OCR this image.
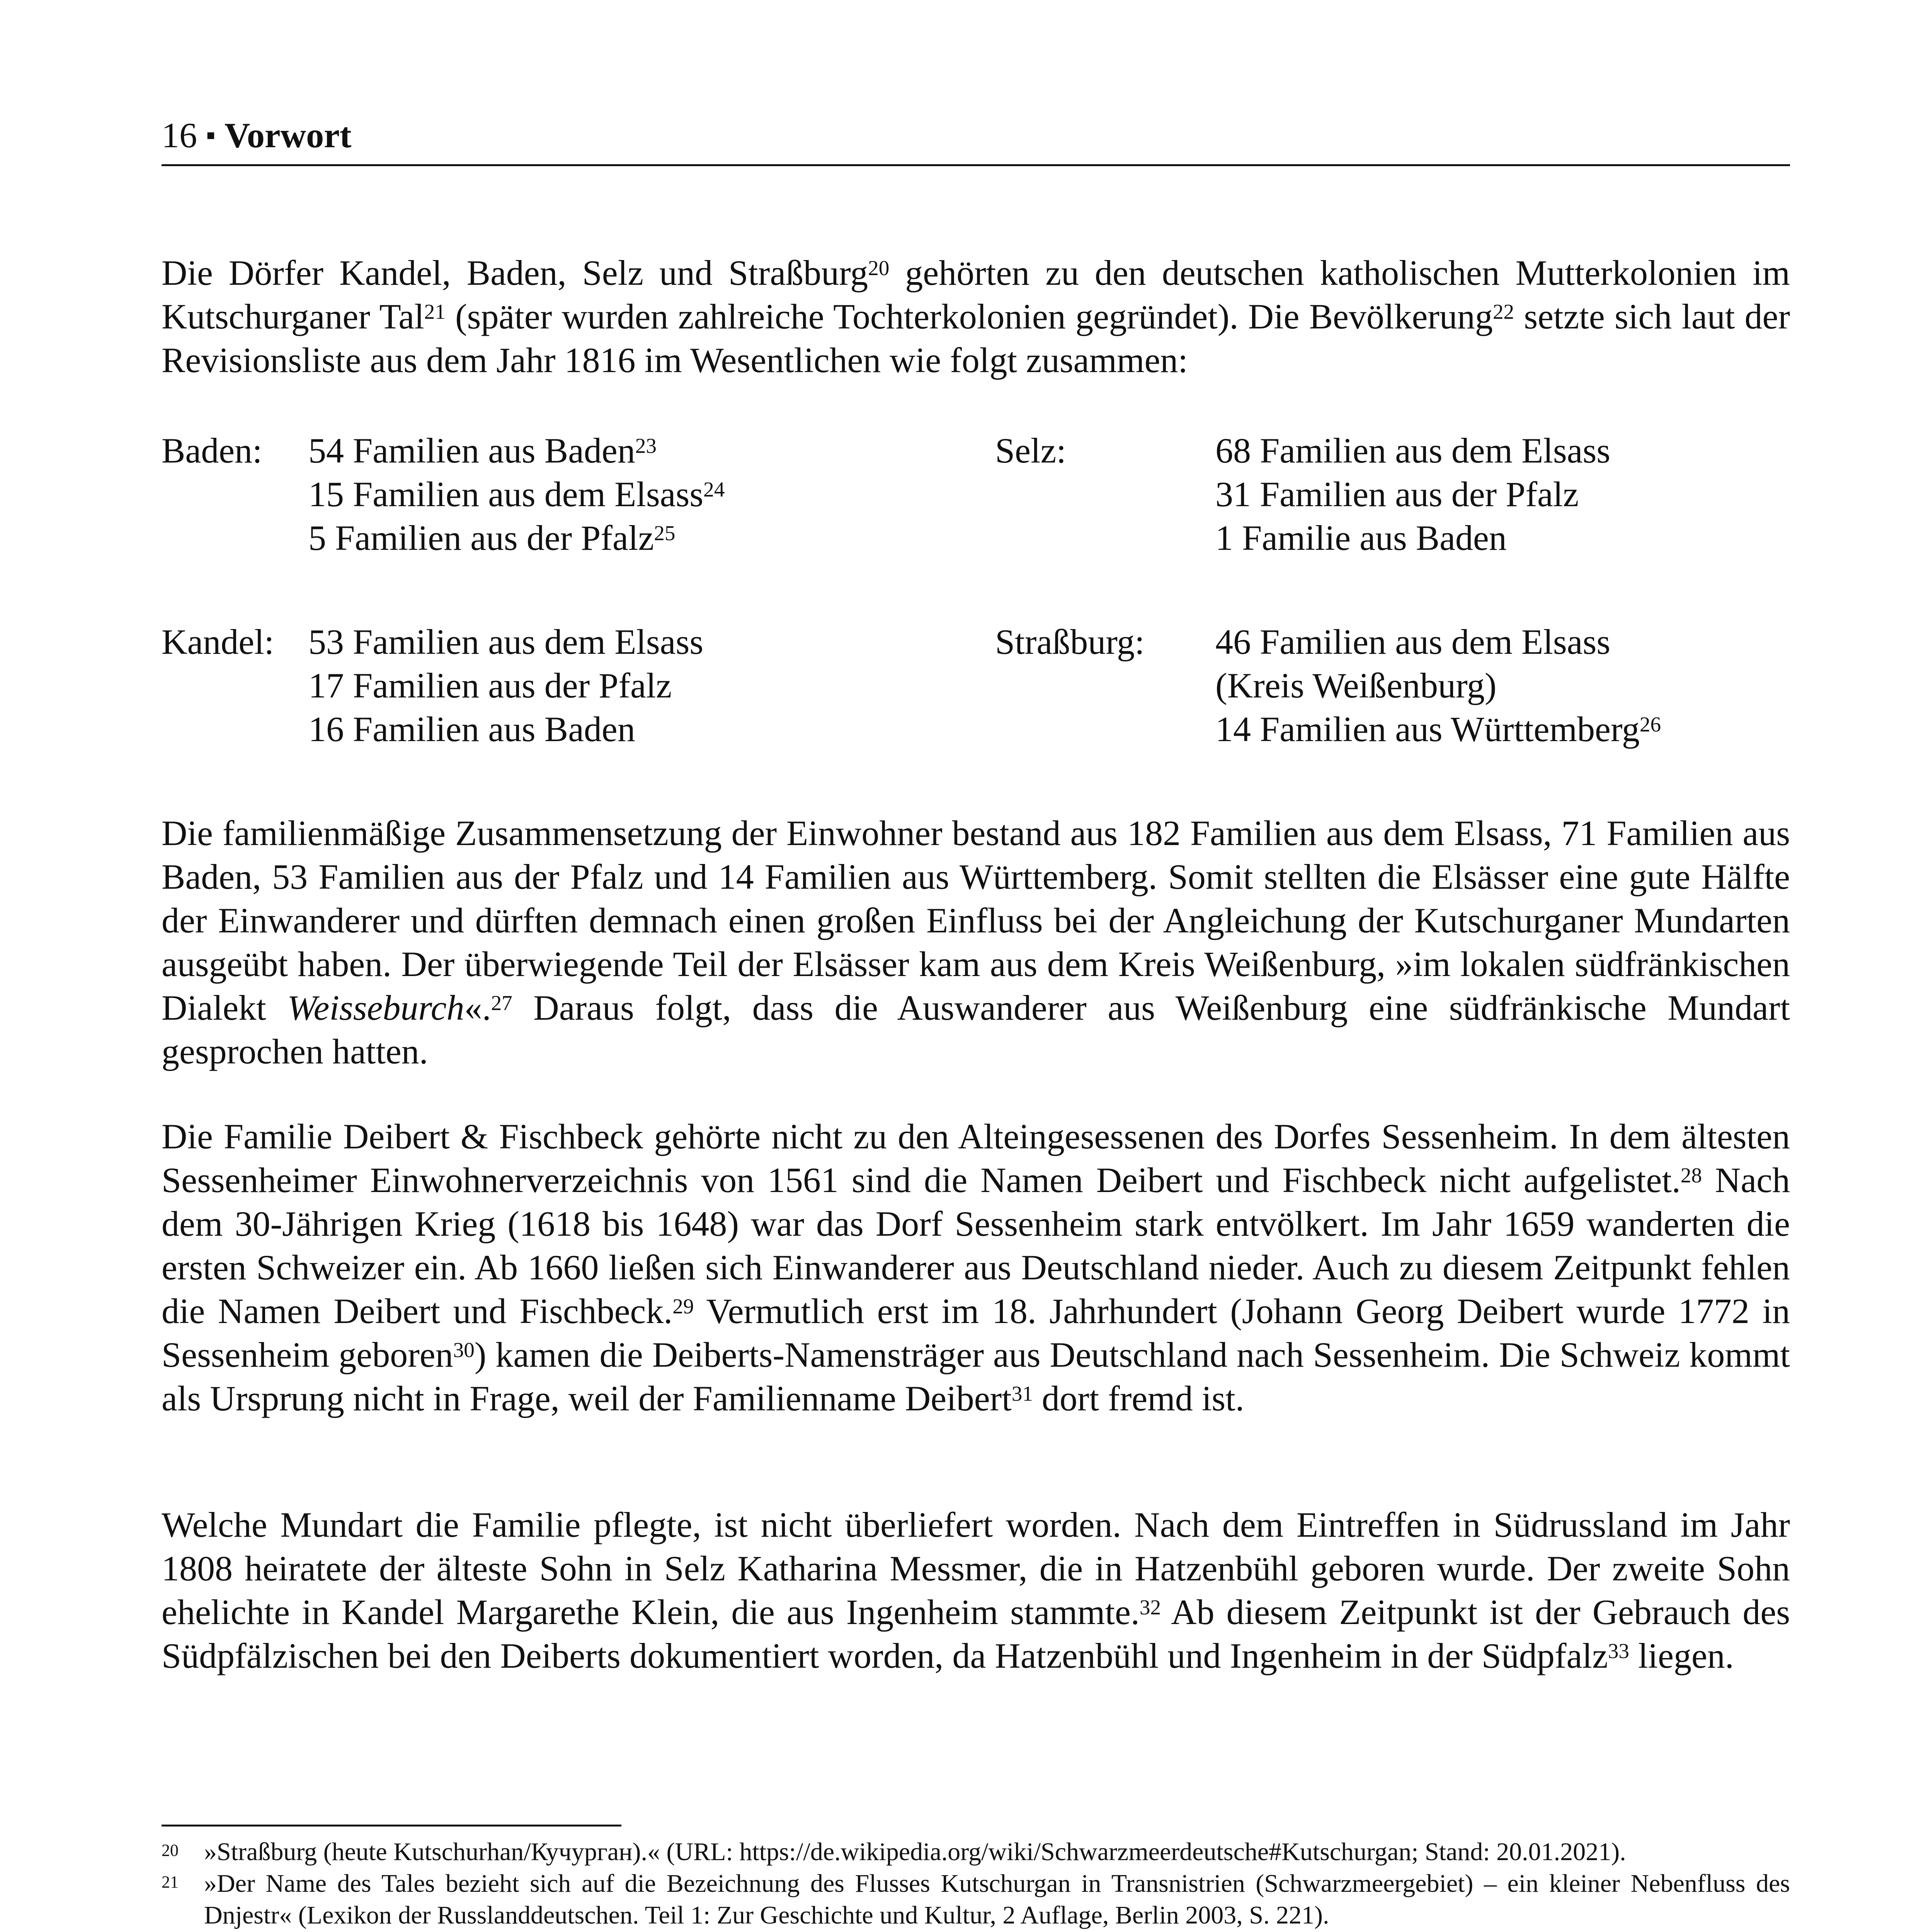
16 ▪ Vorwort

Die Dörfer Kandel, Baden, Selz und Straßburg$^{20}$ gehörten zu den deutschen katholischen Mutterkolonien im Kutschurganer Tal$^{21}$ (später wurden zahlreiche Tochterkolonien gegründet). Die Bevölkerung$^{22}$ setzte sich laut der Revisionsliste aus dem Jahr 1816 im Wesentlichen wie folgt zusammen:

Baden: 54 Familien aus Baden$^{23}$
15 Familien aus dem Elsass$^{24}$
5 Familien aus der Pfalz$^{25}$
Selz:	68 Familien aus dem Elsass
31 Familien aus der Pfalz
1 Familie aus Baden
Kandel: 53 Familien aus dem Elsass
17 Familien aus der Pfalz
16 Familien aus Baden
Straßburg: 46 Familien aus dem Elsass
(Kreis Weißenburg)
14 Familien aus Württemberg$^{26}$

Die familienmäßige Zusammensetzung der Einwohner bestand aus 182 Familien aus dem Elsass, 71 Familien aus Baden, 53 Familien aus der Pfalz und 14 Familien aus Württemberg. Somit stellten die Elsässer eine gute Hälfte der Einwanderer und dürften demnach einen großen Einfluss bei der Angleichung der Kutschurganer Mundarten ausgeübt haben. Der überwiegende Teil der Elsässer kam aus dem Kreis Weißenburg, »im lokalen südfränkischen Dialekt Weisseburch«.$^{27}$ Daraus folgt, dass die Auswanderer aus Weißenburg eine südfränkische Mundart gesprochen hatten.

Die Familie Deibert & Fischbeck gehörte nicht zu den Alteingesessenen des Dorfes Sessenheim. In dem ältesten Sessenheimer Einwohnerverzeichnis von 1561 sind die Namen Deibert und Fischbeck nicht aufgelistet.$^{28}$ Nach dem 30-Jährigen Krieg (1618 bis 1648) war das Dorf Sessenheim stark entvölkert. Im Jahr 1659 wanderten die ersten Schweizer ein. Ab 1660 ließen sich Einwanderer aus Deutschland nieder. Auch zu diesem Zeitpunkt fehlen die Namen Deibert und Fischbeck.$^{29}$ Vermutlich erst im 18. Jahrhundert (Johann Georg Deibert wurde 1772 in Sessenheim geboren$^{30}$) kamen die Deiberts-Namensträger aus Deutschland nach Sessenheim. Die Schweiz kommt als Ursprung nicht in Frage, weil der Familienname Deibert$^{31}$ dort fremd ist.

Welche Mundart die Familie pflegte, ist nicht überliefert worden. Nach dem Eintreffen in Südrussland im Jahr 1808 heiratete der älteste Sohn in Selz Katharina Messmer, die in Hatzenbühl geboren wurde. Der zweite Sohn ehelichte in Kandel Margarethe Klein, die aus Ingenheim stammte.$^{32}$ Ab diesem Zeitpunkt ist der Gebrauch des Südpfälzischen bei den Deiberts dokumentiert worden, da Hatzenbühl und Ingenheim in der Südpfalz$^{33}$ liegen.

20 »Straßburg (heute Kutschurhan/Кучурган).« (URL: https://de.wikipedia.org/wiki/Schwarzmeerdeutsche#Kutschurgan; Stand: 20.01.2021).
21 »Der Name des Tales bezieht sich auf die Bezeichnung des Flusses Kutschurgan in Transnistrien (Schwarzmeergebiet) – ein kleiner Nebenfluss des Dnjestr« (Lexikon der Russlanddeutschen. Teil 1: Zur Geschichte und Kultur, 2 Auflage, Berlin 2003, S. 221).
